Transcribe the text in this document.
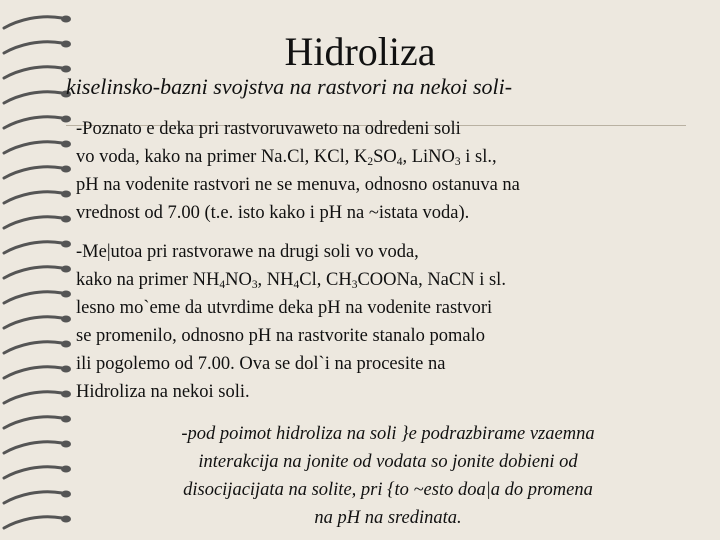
Hidroliza

kiselinsko-bazni svojstva na rastvori na nekoi soli-

-Poznato e deka pri rastvoruvaweto na odredeni soli
vo voda, kako na primer Na.Cl, KCl, $K_2SO_4$, LiNO$_3$ i sl.,
pH na vodenite rastvori ne se menuva, odnosno ostanuva na
vrednost od 7.00 (t.e. isto kako i pH na ~istata voda).

-Me|utoa pri rastvorawe na drugi soli vo voda,
kako na primer $NH_4NO_3$, $NH_4Cl$, $CH_3COONa$, NaCN i sl.
lesno mo`eme da utvrdime deka pH na vodenite rastvori
se promenilo, odnosno pH na rastvorite stanalo pomalo
ili pogolemo od 7.00. Ova se dol`i na procesite na
Hidroliza na nekoi soli.

-pod poimot hidroliza na soli }e podrazbirame vzaemna
interakcija na jonite od vodata so jonite dobieni od
disocijacijata na solite, pri {to ~esto doa|a do promena
na pH na sredinata.
